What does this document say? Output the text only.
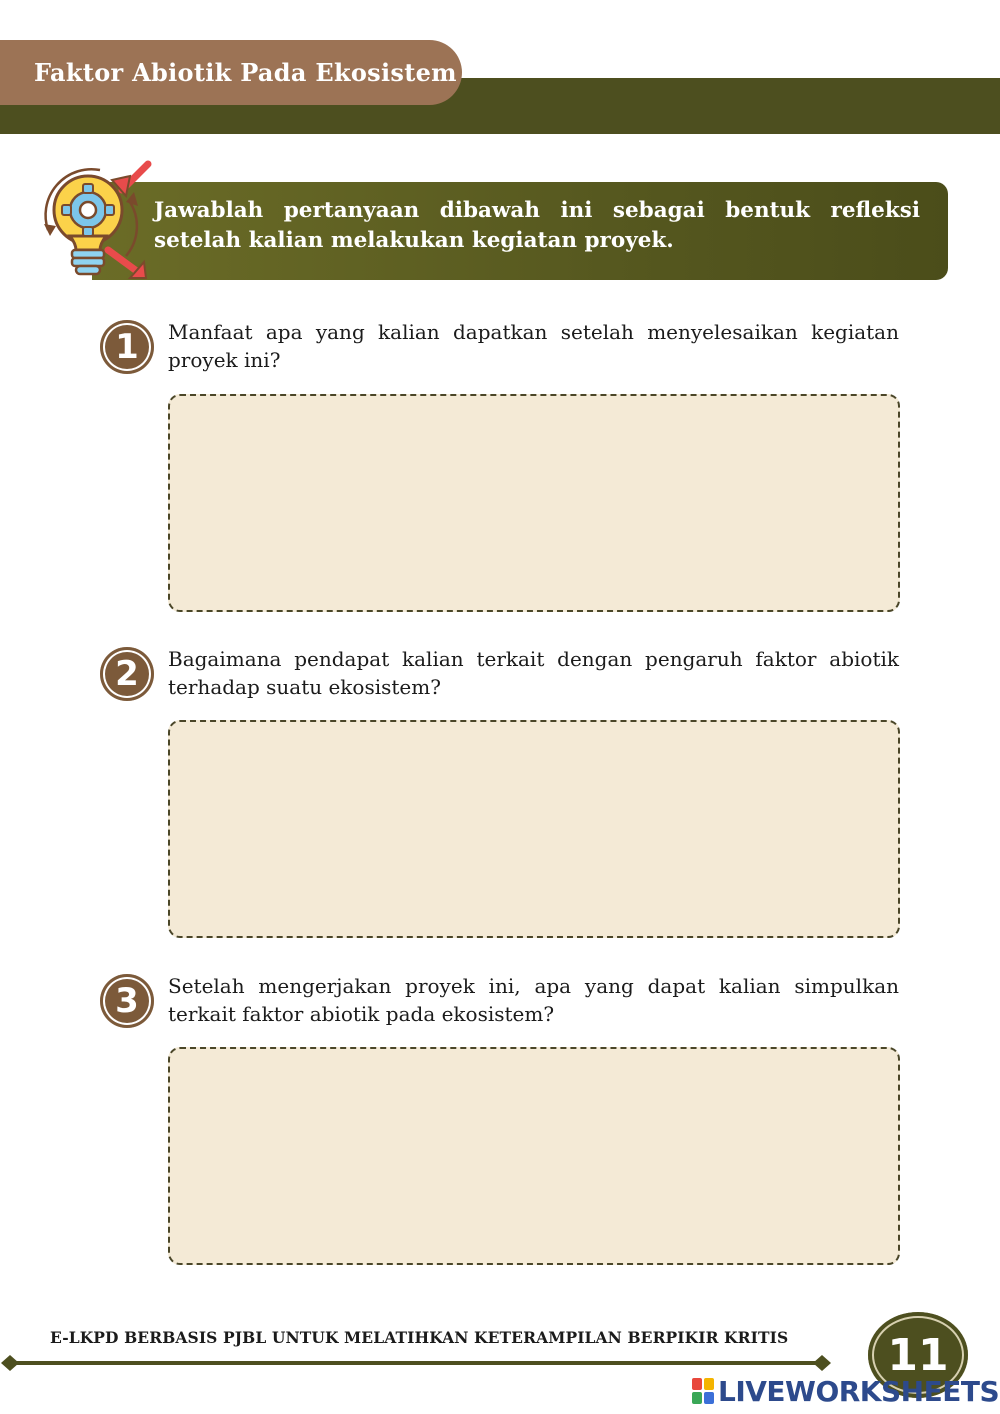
Faktor Abiotik Pada Ekosistem
Jawablah pertanyaan dibawah ini sebagai bentuk refleksi setelah kalian melakukan kegiatan proyek.
1	Manfaat apa yang kalian dapatkan setelah menyelesaikan kegiatan proyek ini?
2	Bagaimana pendapat kalian terkait dengan pengaruh faktor abiotik terhadap suatu ekosistem?
3	Setelah mengerjakan proyek ini, apa yang dapat kalian simpulkan terkait faktor abiotik pada ekosistem?
E-LKPD BERBASIS PJBL UNTUK MELATIHKAN KETERAMPILAN BERPIKIR KRITIS	11
LIVEWORKSHEETS
